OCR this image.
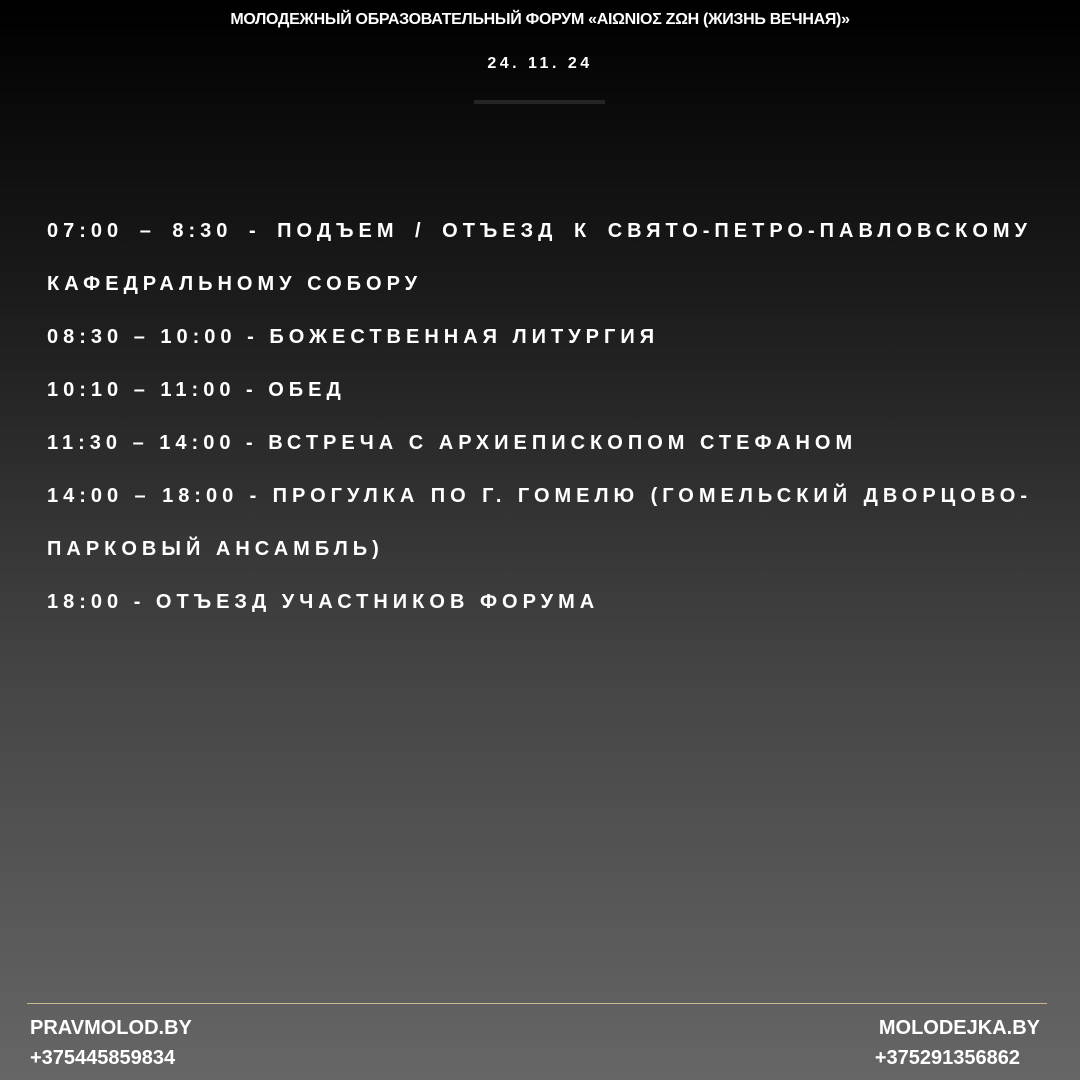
МОЛОДЕЖНЫЙ ОБРАЗОВАТЕЛЬНЫЙ ФОРУМ «ΑΙΩΝΙΟΣ ΖΩΗ (ЖИЗНЬ ВЕЧНАЯ)»
24. 11. 24
07:00 – 8:30 - ПОДЪЕМ / ОТЪЕЗД К СВЯТО-ПЕТРО-ПАВЛОВСКОМУ КАФЕДРАЛЬНОМУ СОБОРУ
08:30 – 10:00 - БОЖЕСТВЕННАЯ ЛИТУРГИЯ
10:10 – 11:00 - ОБЕД
11:30 – 14:00 - ВСТРЕЧА С АРХИЕПИСКОПОМ СТЕФАНОМ
14:00 – 18:00 - ПРОГУЛКА ПО Г. ГОМЕЛЮ (ГОМЕЛЬСКИЙ ДВОРЦОВО-ПАРКОВЫЙ АНСАМБЛЬ)
18:00 - ОТЪЕЗД УЧАСТНИКОВ ФОРУМА
PRAVMOLOD.BY
+375445859834
MOLODEJKA.BY
+375291356862
